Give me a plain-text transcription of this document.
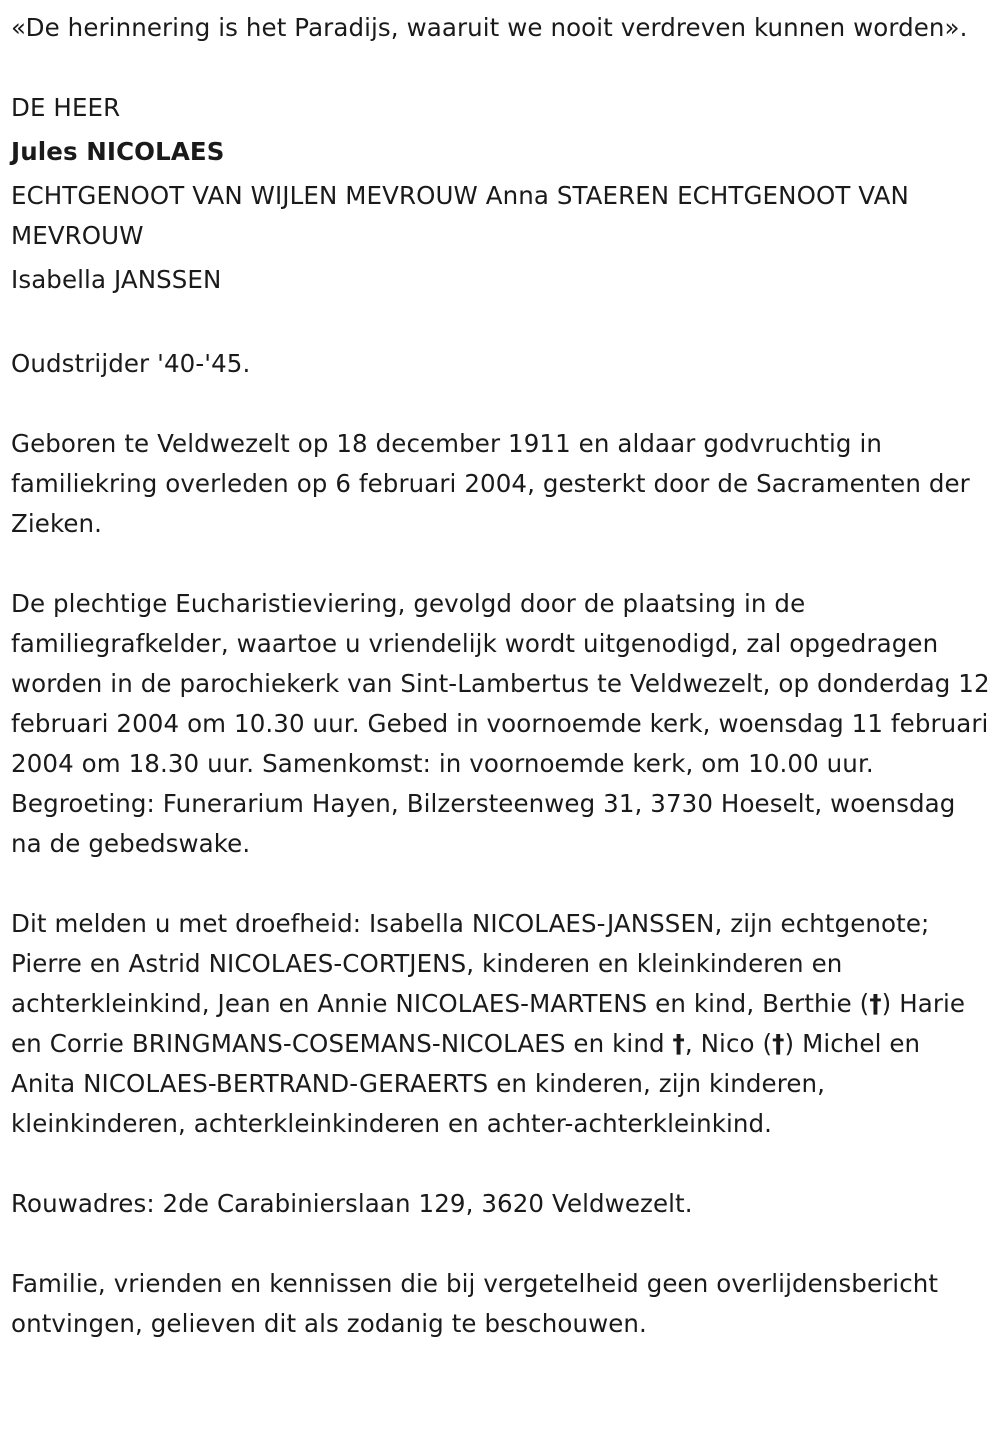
«De herinnering is het Paradijs, waaruit we nooit verdreven kunnen worden».
DE HEER
Jules NICOLAES
ECHTGENOOT VAN WIJLEN MEVROUW Anna STAEREN ECHTGENOOT VAN MEVROUW
Isabella JANSSEN
Oudstrijder '40-'45.
Geboren te Veldwezelt op 18 december 1911 en aldaar godvruchtig in familiekring overleden op 6 februari 2004, gesterkt door de Sacramenten der Zieken.
De plechtige Eucharistieviering, gevolgd door de plaatsing in de familiegrafkelder, waartoe u vriendelijk wordt uitgenodigd, zal opgedragen worden in de parochiekerk van Sint-Lambertus te Veldwezelt, op donderdag 12 februari 2004 om 10.30 uur. Gebed in voornoemde kerk, woensdag 11 februari 2004 om 18.30 uur. Samenkomst: in voornoemde kerk, om 10.00 uur. Begroeting: Funerarium Hayen, Bilzersteenweg 31, 3730 Hoeselt, woensdag na de gebedswake.
Dit melden u met droefheid: Isabella NICOLAES-JANSSEN, zijn echtgenote; Pierre en Astrid NICOLAES-CORTJENS, kinderen en kleinkinderen en achterkleinkind, Jean en Annie NICOLAES-MARTENS en kind, Berthie (†) Harie en Corrie BRINGMANS-COSEMANS-NICOLAES en kind †, Nico (†) Michel en Anita NICOLAES-BERTRAND-GERAERTS en kinderen, zijn kinderen, kleinkinderen, achterkleinkinderen en achter-achterkleinkind.
Rouwadres: 2de Carabinierslaan 129, 3620 Veldwezelt.
Familie, vrienden en kennissen die bij vergetelheid geen overlijdensbericht ontvingen, gelieven dit als zodanig te beschouwen.
